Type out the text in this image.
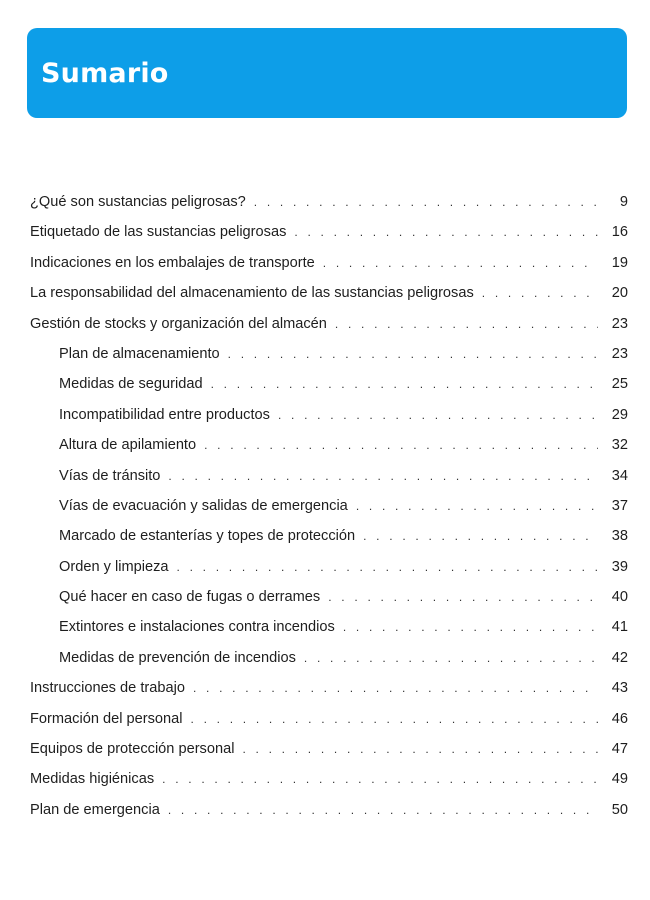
Sumario
¿Qué son sustancias peligrosas? . . .	9
Etiquetado de las sustancias peligrosas . . .	16
Indicaciones en los embalajes de transporte . . .	19
La responsabilidad del almacenamiento de las sustancias peligrosas . . .	20
Gestión de stocks y organización del almacén . . .	23
Plan de almacenamiento . . .	23
Medidas de seguridad . . .	25
Incompatibilidad entre productos . . .	29
Altura de apilamiento . . .	32
Vías de tránsito . . .	34
Vías de evacuación y salidas de emergencia . . .	37
Marcado de estanterías y topes de protección . . .	38
Orden y limpieza . . .	39
Qué hacer en caso de fugas o derrames . . .	40
Extintores e instalaciones contra incendios . . .	41
Medidas de prevención de incendios . . .	42
Instrucciones de trabajo . . .	43
Formación del personal . . .	46
Equipos de protección personal . . .	47
Medidas higiénicas . . .	49
Plan de emergencia . . .	50
